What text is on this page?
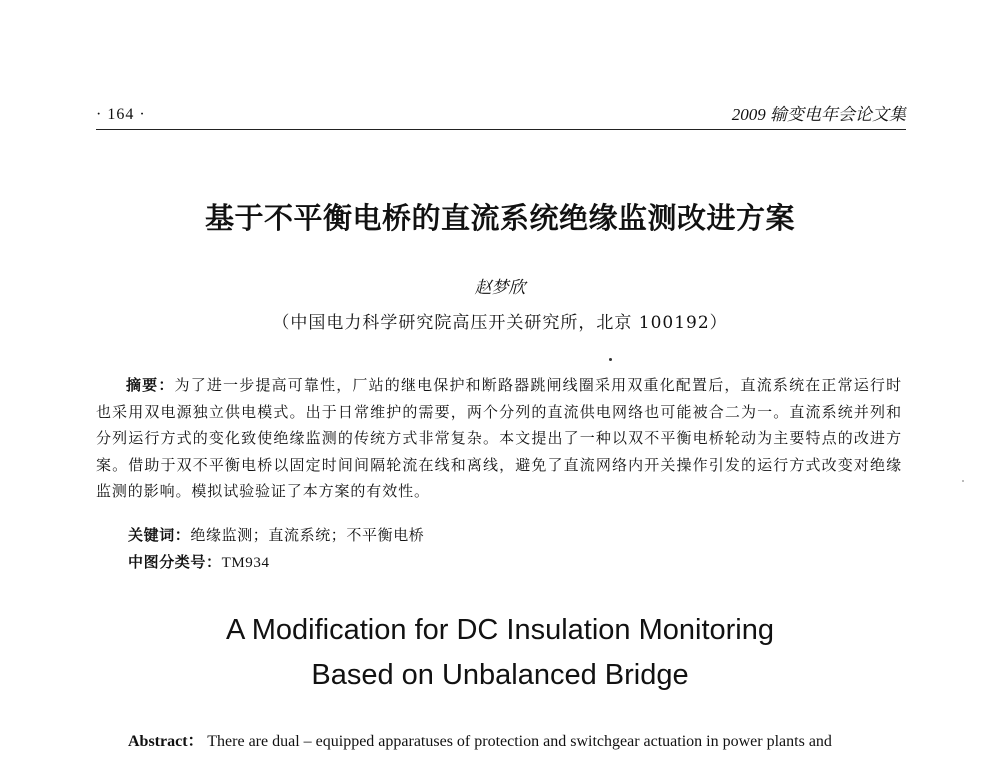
· 164 ·	2009 输变电年会论文集
基于不平衡电桥的直流系统绝缘监测改进方案
赵梦欣
（中国电力科学研究院高压开关研究所，北京 100192）
摘要：为了进一步提高可靠性，厂站的继电保护和断路器跳闸线圈采用双重化配置后，直流系统在正常运行时也采用双电源独立供电模式。出于日常维护的需要，两个分列的直流供电网络也可能被合二为一。直流系统并列和分列运行方式的变化致使绝缘监测的传统方式非常复杂。本文提出了一种以双不平衡电桥轮动为主要特点的改进方案。借助于双不平衡电桥以固定时间间隔轮流在线和离线，避免了直流网络内开关操作引发的运行方式改变对绝缘监测的影响。模拟试验验证了本方案的有效性。
关键词：绝缘监测；直流系统；不平衡电桥
中图分类号：TM934
A Modification for DC Insulation Monitoring
Based on Unbalanced Bridge
Abstract： There are dual – equipped apparatuses of protection and switchgear actuation in power plants and
